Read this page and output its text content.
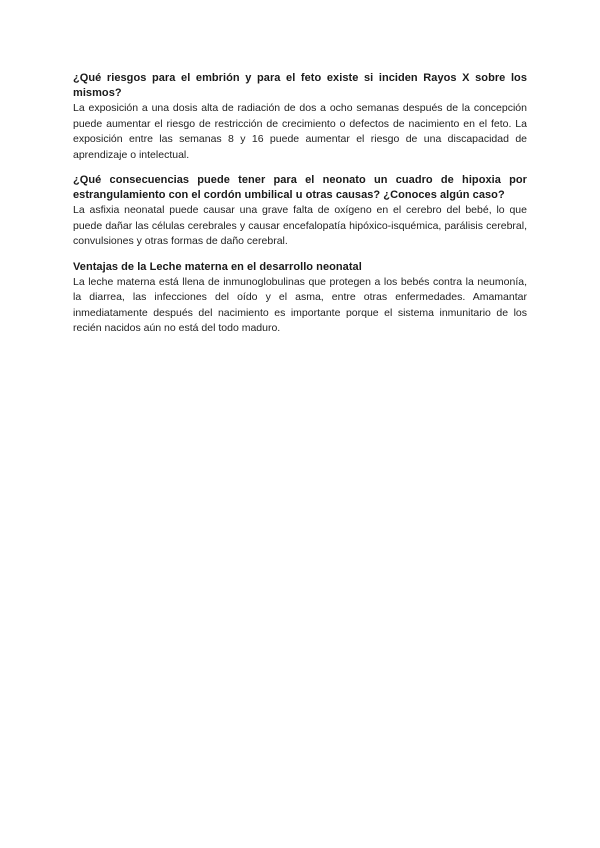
¿Qué riesgos para el embrión y para el feto existe si inciden Rayos X sobre los mismos?

La exposición a una dosis alta de radiación de dos a ocho semanas después de la concepción puede aumentar el riesgo de restricción de crecimiento o defectos de nacimiento en el feto. La exposición entre las semanas 8 y 16 puede aumentar el riesgo de una discapacidad de aprendizaje o intelectual.

¿Qué consecuencias puede tener para el neonato un cuadro de hipoxia por estrangulamiento con el cordón umbilical u otras causas? ¿Conoces algún caso?

La asfixia neonatal puede causar una grave falta de oxígeno en el cerebro del bebé, lo que puede dañar las células cerebrales y causar encefalopatía hipóxico-isquémica, parálisis cerebral, convulsiones y otras formas de daño cerebral.

Ventajas de la Leche materna en el desarrollo neonatal

La leche materna está llena de inmunoglobulinas que protegen a los bebés contra la neumonía, la diarrea, las infecciones del oído y el asma, entre otras enfermedades. Amamantar inmediatamente después del nacimiento es importante porque el sistema inmunitario de los recién nacidos aún no está del todo maduro.
